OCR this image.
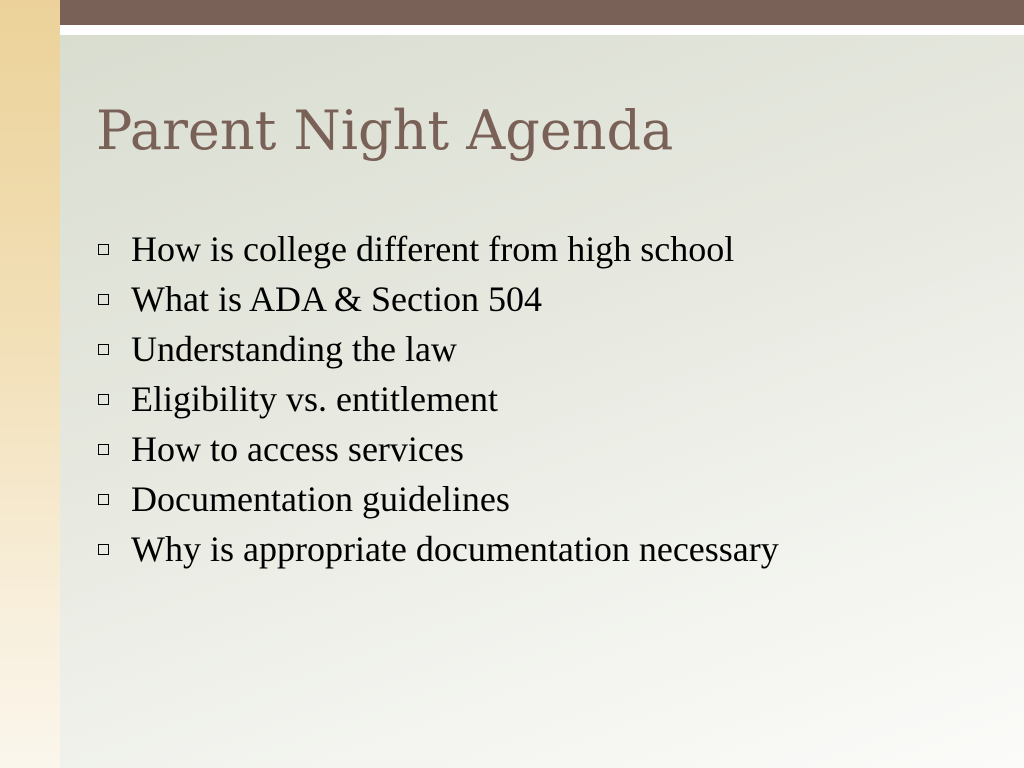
Parent Night Agenda
How is college different from high school
What is ADA & Section 504
Understanding the law
Eligibility vs. entitlement
How to access services
Documentation guidelines
Why is appropriate documentation necessary
